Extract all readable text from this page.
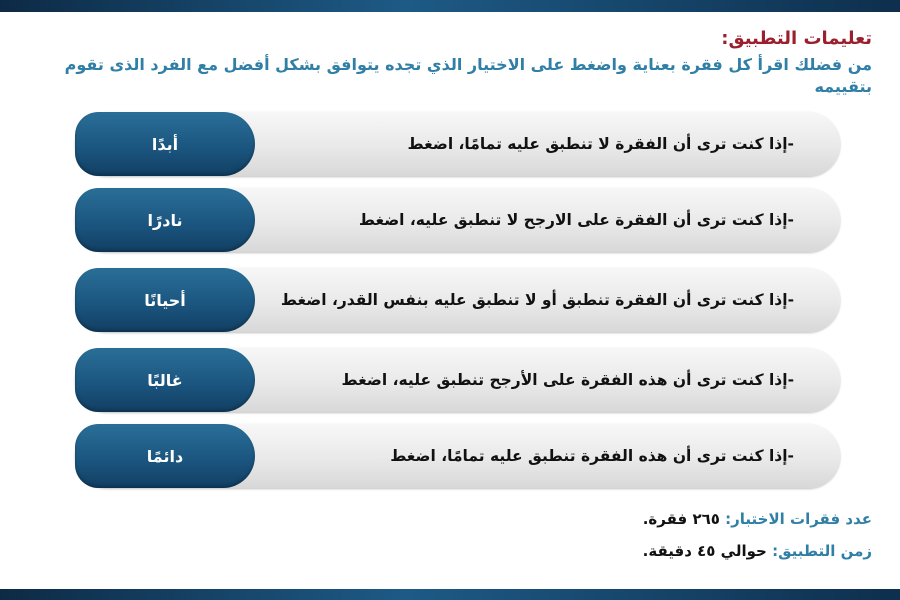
تعليمات التطبيق:
من فضلك اقرأ كل فقرة بعناية واضغط على الاختيار الذي تجده يتوافق بشكل أفضل مع الفرد الذى تقوم بتقييمه
-إذا كنت ترى أن الفقرة لا تنطبق عليه تمامًا، اضغط
أبدًا
-إذا كنت ترى أن الفقرة على الارجح لا تنطبق عليه، اضغط
نادرًا
-إذا كنت ترى أن الفقرة تنطبق أو لا تنطبق عليه بنفس القدر، اضغط
أحيانًا
-إذا كنت ترى أن هذه الفقرة على الأرجح تنطبق عليه، اضغط
غالبًا
-إذا كنت ترى أن هذه الفقرة تنطبق عليه تمامًا، اضغط
دائمًا
عدد فقرات الاختبار: ٢٦٥ فقرة.
زمن التطبيق: حوالي ٤٥ دقيقة.
